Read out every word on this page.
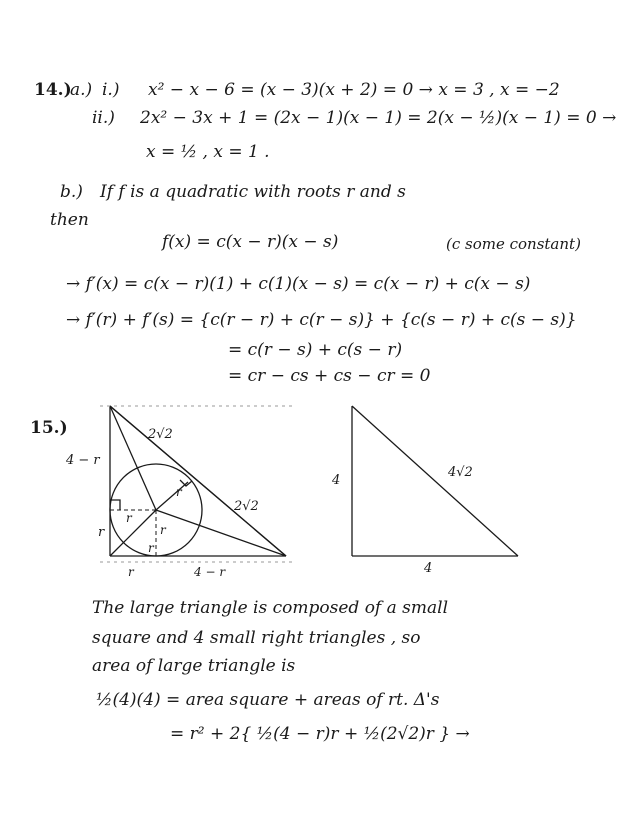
14.)
a.) i.) x² − x − 6 = (x − 3)(x + 2) = 0 → x = 3 , x = −2
ii.) 2x² − 3x + 1 = (2x − 1)(x − 1) = 2(x − ½)(x − 1) = 0 →
x = ½ , x = 1 .
b.) If f is a quadratic with roots r and s
then
f(x) = c(x − r)(x − s)	(c some constant)
→ f′(x) = c(x − r)(1) + c(1)(x − s) = c(x − r) + c(x − s)
→ f′(r) + f′(s) = {c(r − r) + c(r − s)} + {c(s − r) + c(s − s)}
= c(r − s) + c(s − r)
= cr − cs + cs − cr = 0
15.)	2√2
2√2
4 − r
r
r
r
r
r
r	4 − r
4
4√2
4
The large triangle is composed of a small
square and 4 small right triangles , so
area of large triangle is
½(4)(4) = area square + areas of rt. Δ's
= r² + 2{ ½(4 − r)r + ½(2√2)r } →
